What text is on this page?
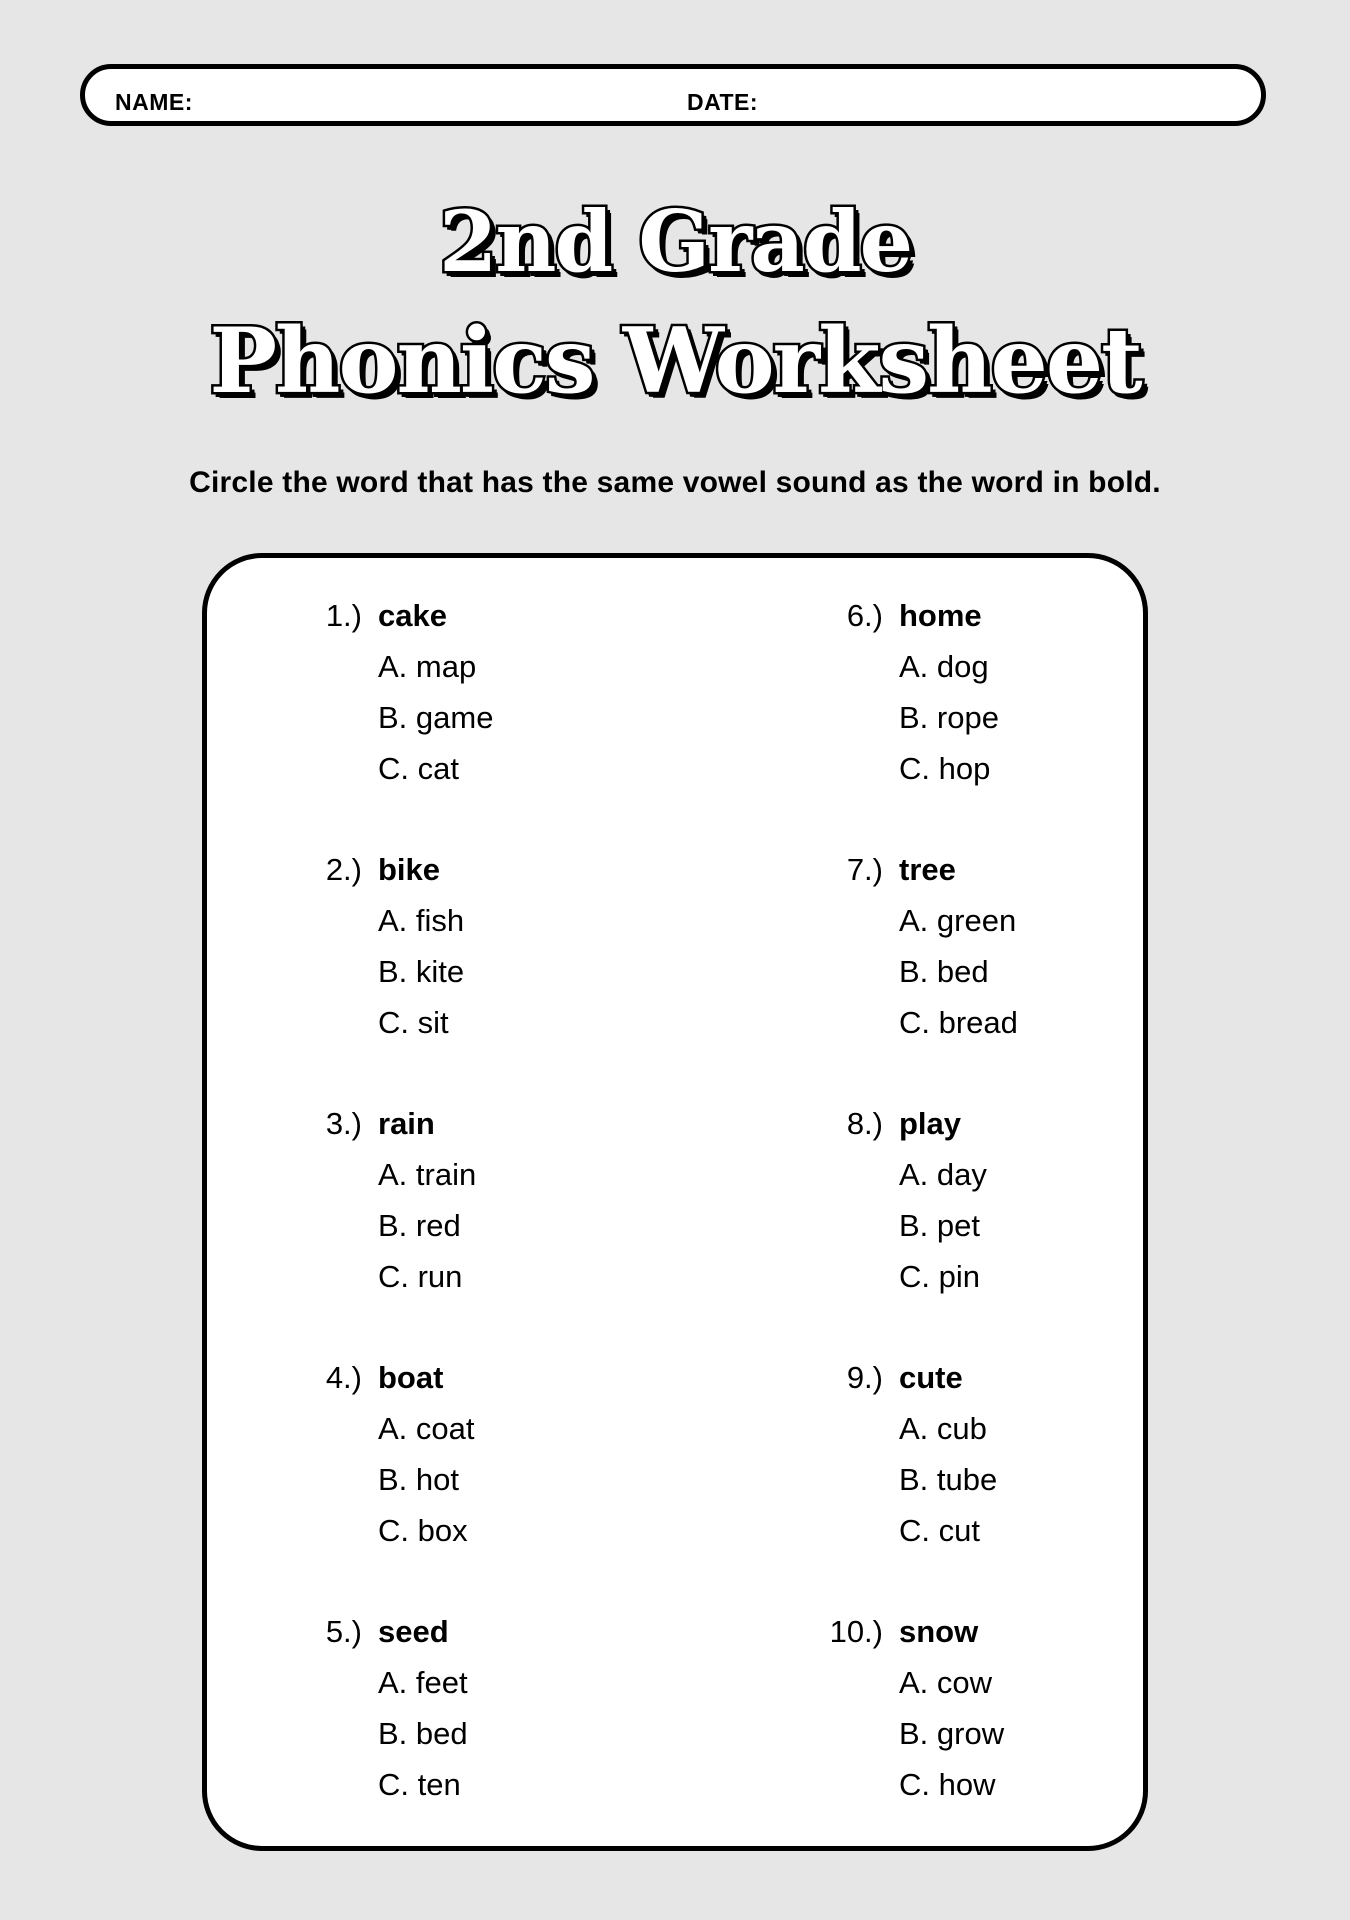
NAME:	DATE:
2nd Grade
Phonics Worksheet
Circle the word that has the same vowel sound as the word in bold.
1.) cake
A. map
B. game
C. cat
2.) bike
A. fish
B. kite
C. sit
3.) rain
A. train
B. red
C. run
4.) boat
A. coat
B. hot
C. box
5.) seed
A. feet
B. bed
C. ten
6.) home
A. dog
B. rope
C. hop
7.) tree
A. green
B. bed
C. bread
8.) play
A. day
B. pet
C. pin
9.) cute
A. cub
B. tube
C. cut
10.) snow
A. cow
B. grow
C. how
